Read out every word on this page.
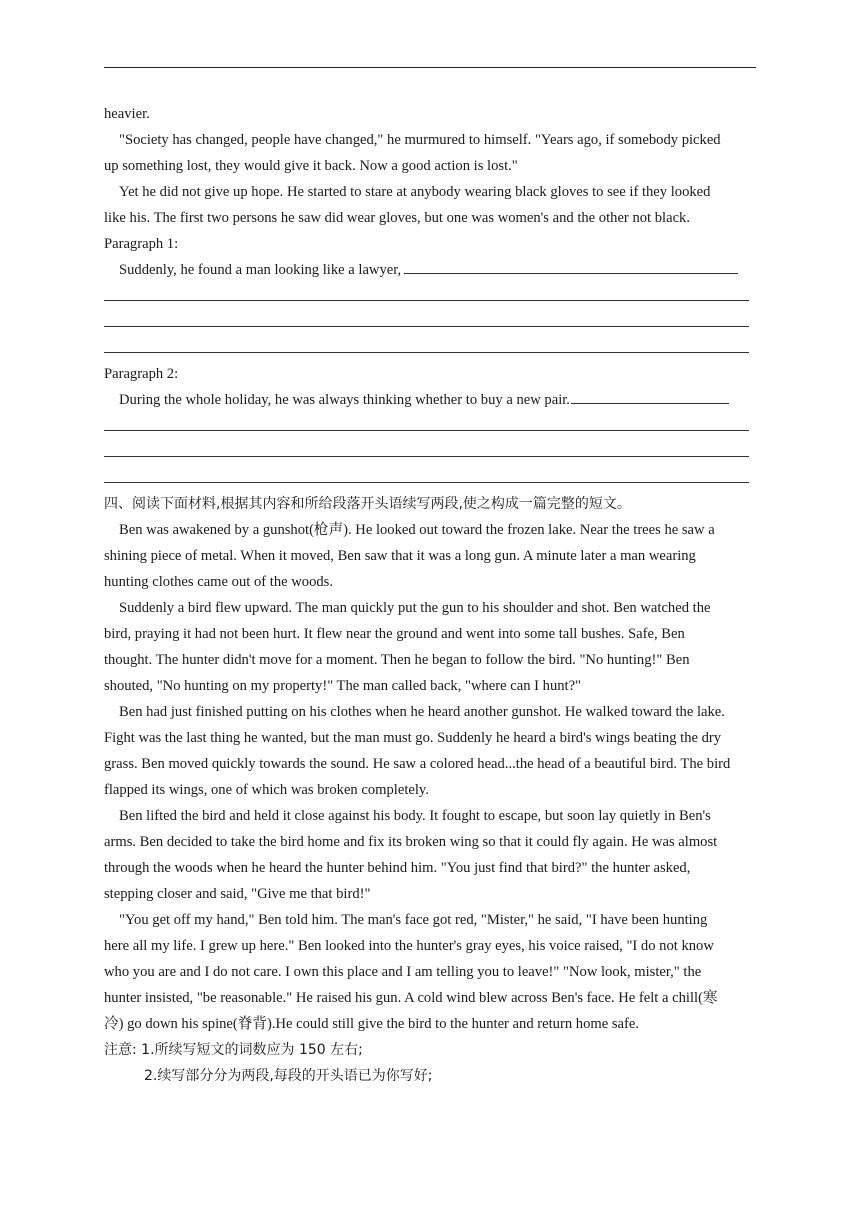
heavier.

"Society has changed, people have changed," he murmured to himself. "Years ago, if somebody picked

up something lost, they would give it back. Now a good action is lost."

Yet he did not give up hope. He started to stare at anybody wearing black gloves to see if they looked

like his. The first two persons he saw did wear gloves, but one was women's and the other not black.

Paragraph 1:

Suddenly, he found a man looking like a lawyer,

Paragraph 2:

During the whole holiday, he was always thinking whether to buy a new pair.

四、阅读下面材料,根据其内容和所给段落开头语续写两段,使之构成一篇完整的短文。

Ben was awakened by a gunshot(枪声). He looked out toward the frozen lake. Near the trees he saw a

shining piece of metal. When it moved, Ben saw that it was a long gun. A minute later a man wearing

hunting clothes came out of the woods.

Suddenly a bird flew upward. The man quickly put the gun to his shoulder and shot. Ben watched the

bird, praying it had not been hurt. It flew near the ground and went into some tall bushes. Safe, Ben

thought. The hunter didn't move for a moment. Then he began to follow the bird. "No hunting!" Ben

shouted, "No hunting on my property!" The man called back, "where can I hunt?"

Ben had just finished putting on his clothes when he heard another gunshot. He walked toward the lake.

Fight was the last thing he wanted, but the man must go. Suddenly he heard a bird's wings beating the dry

grass. Ben moved quickly towards the sound. He saw a colored head...the head of a beautiful bird. The bird

flapped its wings, one of which was broken completely.

Ben lifted the bird and held it close against his body. It fought to escape, but soon lay quietly in Ben's

arms. Ben decided to take the bird home and fix its broken wing so that it could fly again. He was almost

through the woods when he heard the hunter behind him. "You just find that bird?" the hunter asked,

stepping closer and said, "Give me that bird!"

"You get off my hand," Ben told him. The man's face got red, "Mister," he said, "I have been hunting

here all my life. I grew up here." Ben looked into the hunter's gray eyes, his voice raised, "I do not know

who you are and I do not care. I own this place and I am telling you to leave!" "Now look, mister," the

hunter insisted, "be reasonable." He raised his gun. A cold wind blew across Ben's face. He felt a chill(寒

冷) go down his spine(脊背).He could still give the bird to the hunter and return home safe.

注意: 1.所续写短文的词数应为 150 左右;

2.续写部分分为两段,每段的开头语已为你写好;
